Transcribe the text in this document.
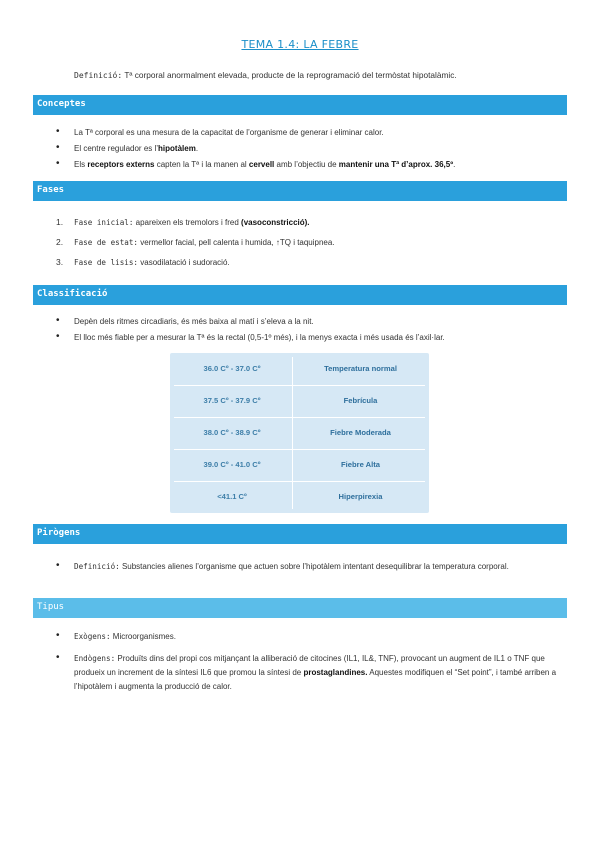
TEMA 1.4: LA FEBRE
Definició: Tª corporal anormalment elevada, producte de la reprogramació del termòstat hipotalàmic.
Conceptes
• La Tª corporal es una mesura de la capacitat de l’organisme de generar i eliminar calor.
• El centre regulador es l’hipotàlem.
• Els receptors externs capten la Tª i la manen al cervell amb l’objectiu de mantenir una Tª d’aprox. 36,5º.
Fases
1. Fase inicial: apareixen els tremolors i fred (vasoconstricció).
2. Fase de estat: vermellor facial, pell calenta i humida, ↑TQ i taquipnea.
3. Fase de lisis: vasodilatació i sudoració.
Classificació
• Depèn dels ritmes circadiaris, és més baixa al matí i s’eleva a la nit.
• El lloc més fiable per a mesurar la Tª és la rectal (0,5-1º més), i la menys exacta i més usada és l’axil·lar.
36.0 Cº - 37.0 Cº	Temperatura normal
37.5 Cº - 37.9 Cº	Febrícula
38.0 Cº - 38.9 Cº	Fiebre Moderada
39.0 Cº - 41.0 Cº	Fiebre Alta
<41.1 Cº	Hiperpirexia
Pirògens
• Definició: Substancies alienes l’organisme que actuen sobre l’hipotàlem intentant desequilibrar la temperatura corporal.
Tipus
• Exògens: Microorganismes.
• Endògens: Produïts dins del propi cos mitjançant la alliberació de citocines (IL1, IL&, TNF), provocant un augment de IL1 o TNF que produeix un increment de la síntesi IL6 que promou la síntesi de prostaglandines. Aquestes modifiquen el “Set point”, i també arriben a l’hipotàlem i augmenta la producció de calor.
